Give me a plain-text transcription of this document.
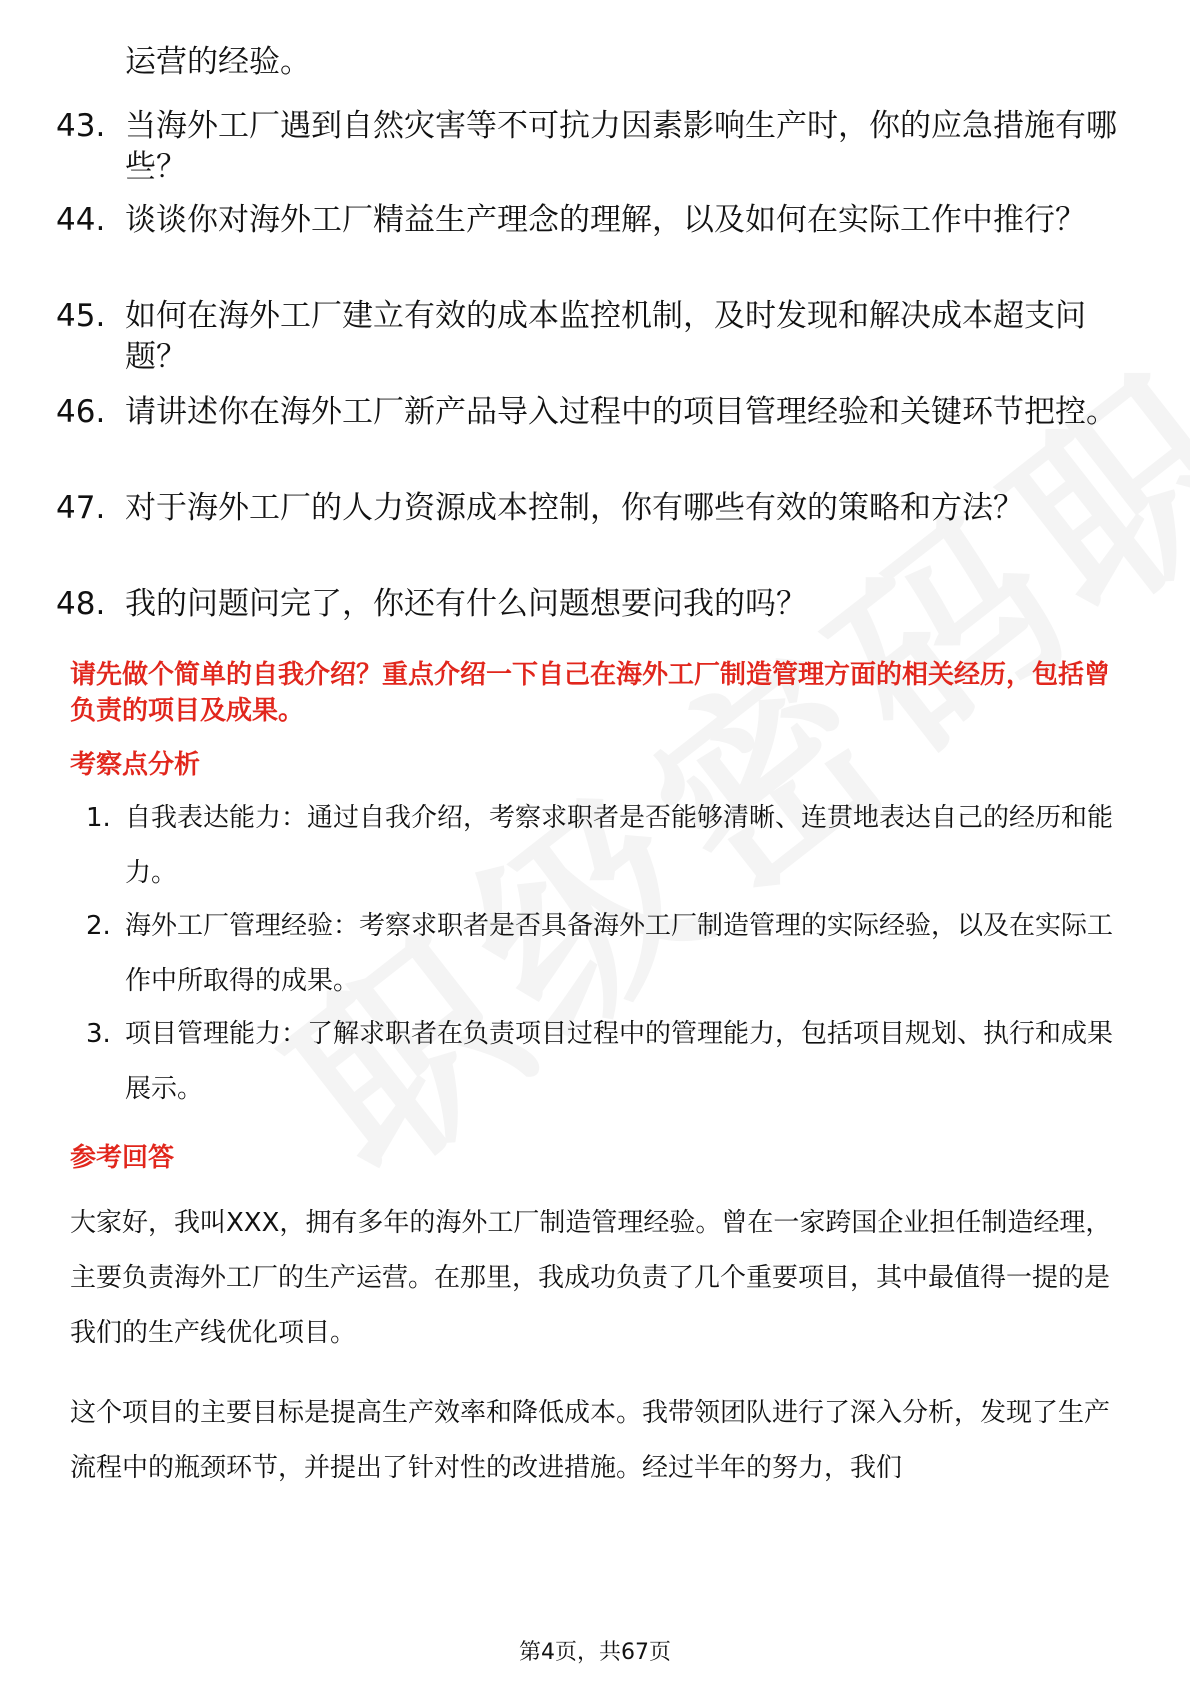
运营的经验。
43. 当海外工厂遇到自然灾害等不可抗力因素影响生产时，你的应急措施有哪些？
44. 谈谈你对海外工厂精益生产理念的理解，以及如何在实际工作中推行？
45. 如何在海外工厂建立有效的成本监控机制，及时发现和解决成本超支问题？
46. 请讲述你在海外工厂新产品导入过程中的项目管理经验和关键环节把控。
47. 对于海外工厂的人力资源成本控制，你有哪些有效的策略和方法？
48. 我的问题问完了，你还有什么问题想要问我的吗？
请先做个简单的自我介绍？重点介绍一下自己在海外工厂制造管理方面的相关经历，包括曾负责的项目及成果。
考察点分析
1. 自我表达能力：通过自我介绍，考察求职者是否能够清晰、连贯地表达自己的经历和能力。
2. 海外工厂管理经验：考察求职者是否具备海外工厂制造管理的实际经验，以及在实际工作中所取得的成果。
3. 项目管理能力：了解求职者在负责项目过程中的管理能力，包括项目规划、执行和成果展示。
参考回答
大家好，我叫XXX，拥有多年的海外工厂制造管理经验。曾在一家跨国企业担任制造经理，主要负责海外工厂的生产运营。在那里，我成功负责了几个重要项目，其中最值得一提的是我们的生产线优化项目。
这个项目的主要目标是提高生产效率和降低成本。我带领团队进行了深入分析，发现了生产流程中的瓶颈环节，并提出了针对性的改进措施。经过半年的努力，我们
第4页，共67页
